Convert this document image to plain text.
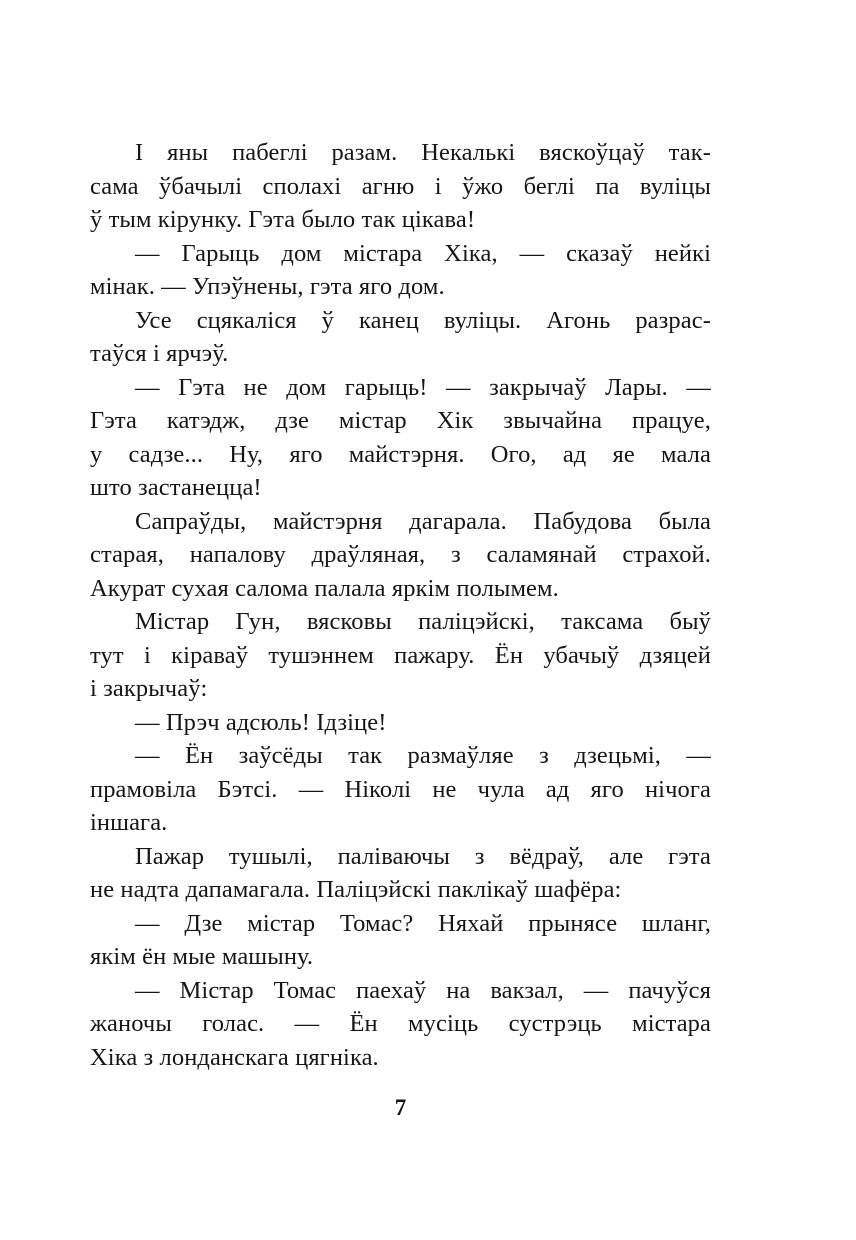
І яны пабеглі разам. Некалькі вяскоўцаў так-
сама ўбачылі сполахі агню і ўжо беглі па вуліцы
ў тым кірунку. Гэта было так цікава!
— Гарыць дом містара Хіка, — сказаў нейкі
мінак. — Упэўнены, гэта яго дом.
Усе сцякаліся ў канец вуліцы. Агонь разрас-
таўся і ярчэў.
— Гэта не дом гарыць! — закрычаў Лары. —
Гэта катэдж, дзе містар Хік звычайна працуе,
у садзе... Ну, яго майстэрня. Ого, ад яе мала
што застанецца!
Сапраўды, майстэрня дагарала. Пабудова была
старая, напалову драўляная, з саламянай страхой.
Акурат сухая салома палала яркім полымем.
Містар Гун, вясковы паліцэйскі, таксама быў
тут і кіраваў тушэннем пажару. Ён убачыў дзяцей
і закрычаў:
— Прэч адсюль! Ідзіце!
— Ён заўсёды так размаўляе з дзецьмі, —
прамовіла Бэтсі. — Ніколі не чула ад яго нічога
іншага.
Пажар тушылі, паліваючы з вёдраў, але гэта
не надта дапамагала. Паліцэйскі паклікаў шафёра:
— Дзе містар Томас? Няхай прынясе шланг,
якім ён мые машыну.
— Містар Томас паехаў на вакзал, — пачуўся
жаночы голас. — Ён мусіць сустрэць містара
Хіка з лонданскага цягніка.
7
